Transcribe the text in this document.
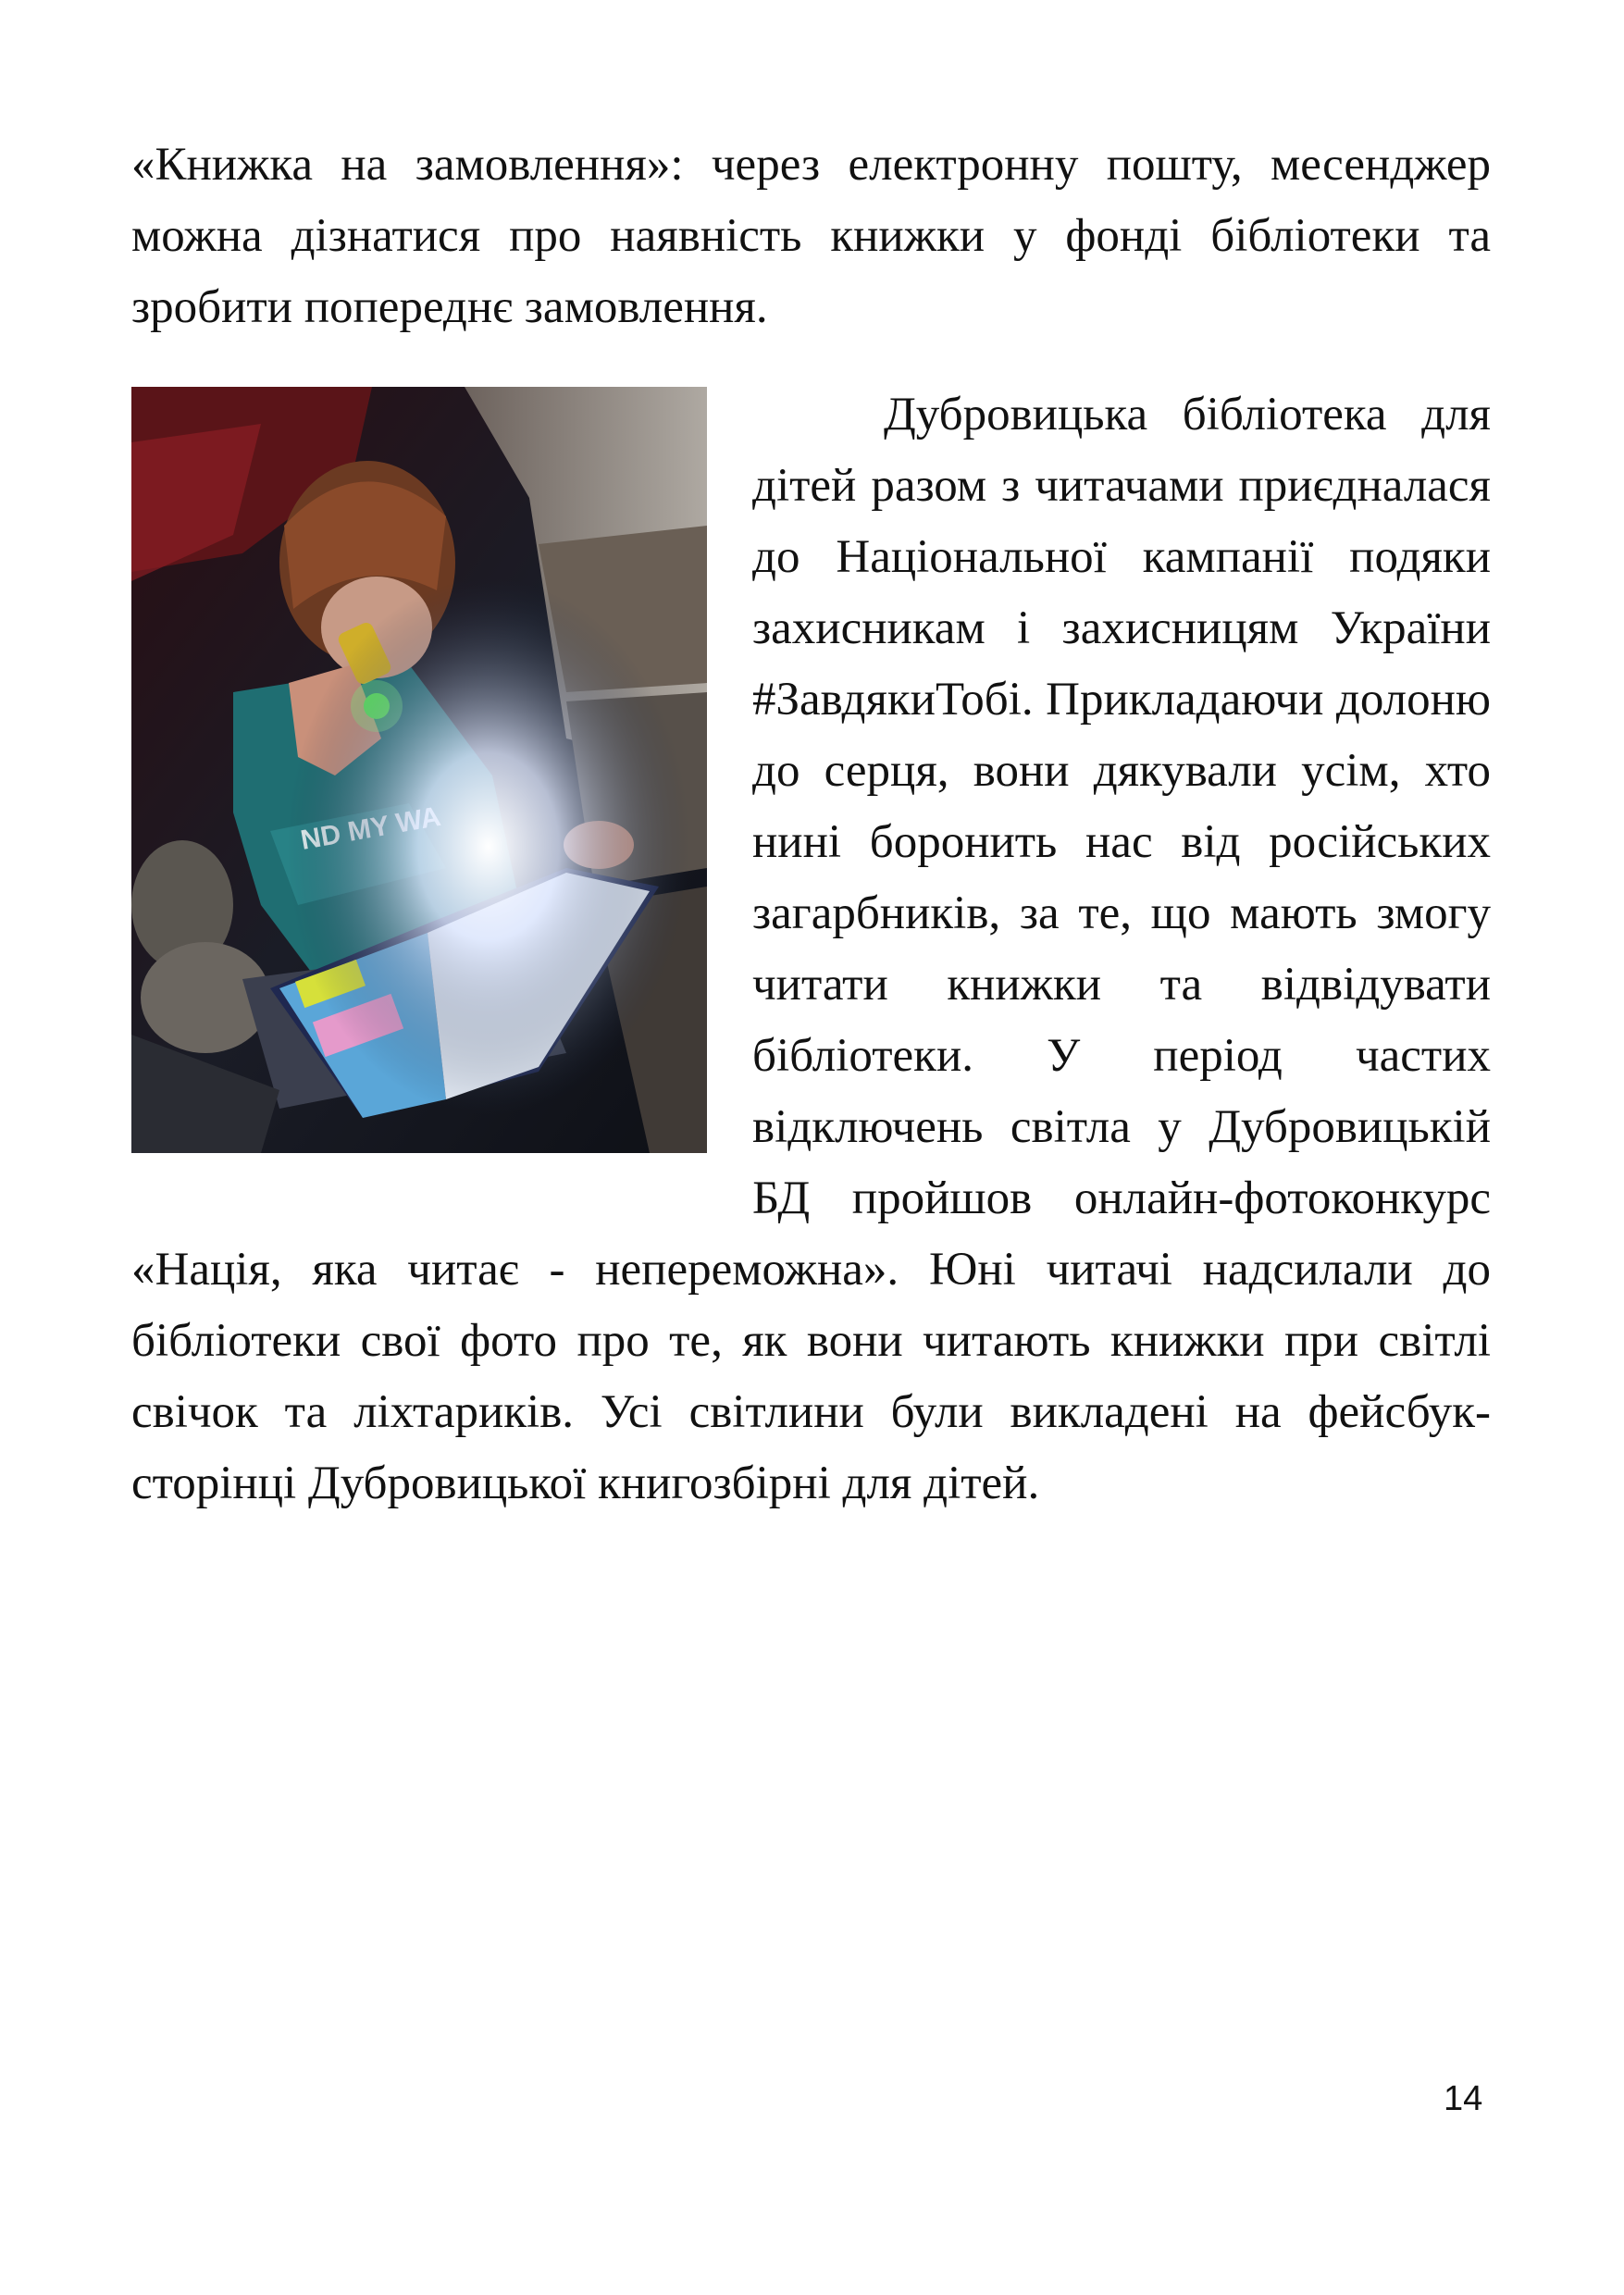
«Книжка на замовлення»: через електронну пошту, месенджер можна дізнатися про наявність книжки у фонді бібліотеки та зробити попереднє замовлення.

Дубровицька бібліотека для дітей разом з читачами приєдналася до Національної кампанії подяки захисникам і захисницям України #ЗавдякиТобі. Прикладаючи долоню до серця, вони дякували усім, хто нині боронить нас від російських загарбників, за те, що мають змогу читати книжки та відвідувати бібліотеки. У період частих відключень світла у Дубровицькій БД пройшов онлайн-фотоконкурс «Нація, яка читає - непереможна». Юні читачі надсилали до бібліотеки свої фото про те, як вони читають книжки при світлі свічок та ліхтариків. Усі світлини були викладені на фейсбук-сторінці Дубровицької книгозбірні для дітей.
14
